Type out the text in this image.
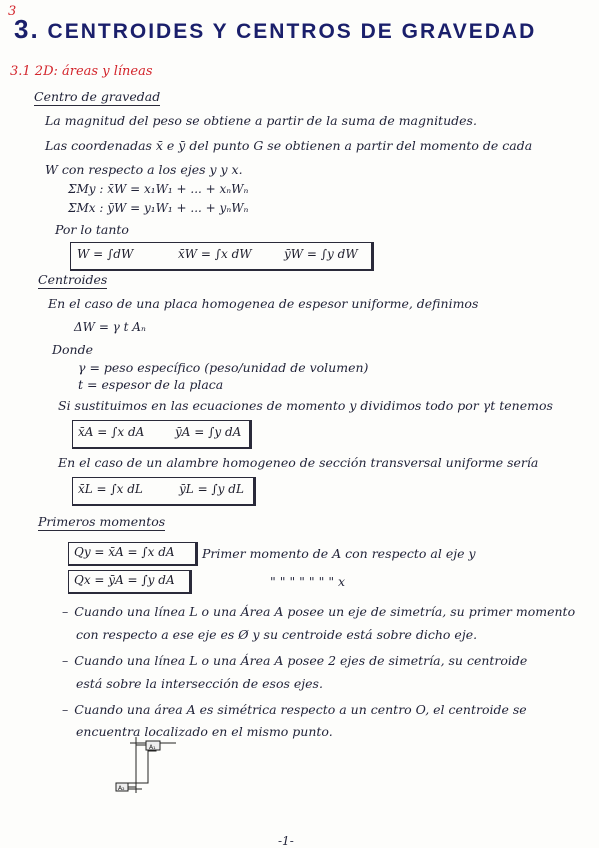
3
3. CENTROIDES Y CENTROS DE GRAVEDAD
3.1 2D: áreas y líneas
Centro de gravedad
La magnitud del peso se obtiene a partir de la suma de magnitudes.
Las coordenadas x̄ e ȳ del punto G se obtienen a partir del momento de cada
W con respecto a los ejes y y x.
ΣMy : x̄W = x₁W₁ + ... + xₙWₙ
ΣMx : ȳW = y₁W₁ + ... + yₙWₙ
Por lo tanto
W = ∫dW	x̄W = ∫x dW	ȳW = ∫y dW
Centroides
En el caso de una placa homogenea de espesor uniforme, definimos
ΔW = γ t Aₙ
Donde
γ = peso específico (peso/unidad de volumen)
t = espesor de la placa
Si sustituimos en las ecuaciones de momento y dividimos todo por γt tenemos
x̄A = ∫x dA	ȳA = ∫y dA
En el caso de un alambre homogeneo de sección transversal uniforme sería
x̄L = ∫x dL	ȳL = ∫y dL
Primeros momentos
Qy = x̄A = ∫x dA Primer momento de A con respecto al eje y
Qx = ȳA = ∫y dA	" " " " " " " x
– Cuando una línea L o una Área A posee un eje de simetría, su primer momento
con respecto a ese eje es Ø y su centroide está sobre dicho eje.
– Cuando una línea L o una Área A posee 2 ejes de simetría, su centroide
está sobre la intersección de esos ejes.
– Cuando una área A es simétrica respecto a un centro O, el centroide se
encuentra localizado en el mismo punto.
A₁
A₂
-1-
